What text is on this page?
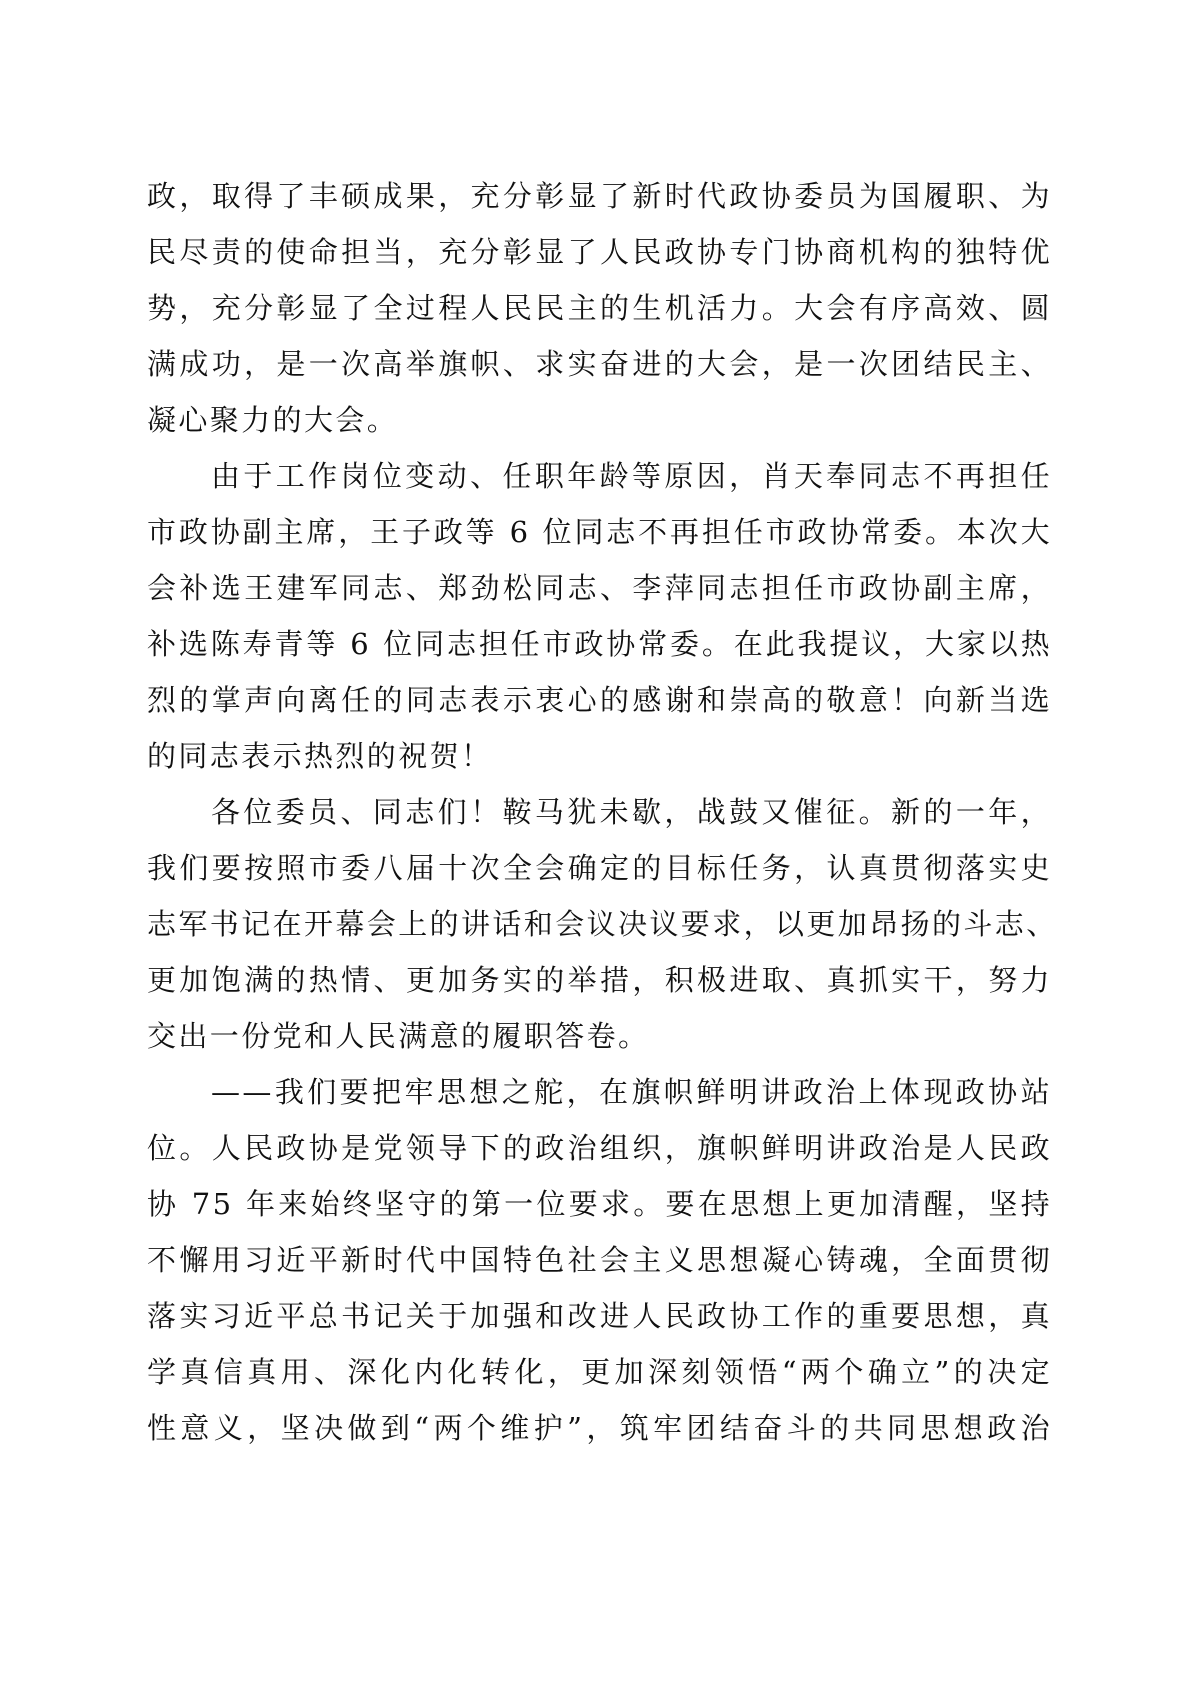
政，取得了丰硕成果，充分彰显了新时代政协委员为国履职、为
民尽责的使命担当，充分彰显了人民政协专门协商机构的独特优
势，充分彰显了全过程人民民主的生机活力。大会有序高效、圆
满成功，是一次高举旗帜、求实奋进的大会，是一次团结民主、
凝心聚力的大会。
由于工作岗位变动、任职年龄等原因，肖天奉同志不再担任
市政协副主席，王子政等 6 位同志不再担任市政协常委。本次大
会补选王建军同志、郑劲松同志、李萍同志担任市政协副主席，
补选陈寿青等 6 位同志担任市政协常委。在此我提议，大家以热
烈的掌声向离任的同志表示衷心的感谢和崇高的敬意！向新当选
的同志表示热烈的祝贺！
各位委员、同志们！鞍马犹未歇，战鼓又催征。新的一年，
我们要按照市委八届十次全会确定的目标任务，认真贯彻落实史
志军书记在开幕会上的讲话和会议决议要求，以更加昂扬的斗志、
更加饱满的热情、更加务实的举措，积极进取、真抓实干，努力
交出一份党和人民满意的履职答卷。
——我们要把牢思想之舵，在旗帜鲜明讲政治上体现政协站
位。人民政协是党领导下的政治组织，旗帜鲜明讲政治是人民政
协 75 年来始终坚守的第一位要求。要在思想上更加清醒，坚持
不懈用习近平新时代中国特色社会主义思想凝心铸魂，全面贯彻
落实习近平总书记关于加强和改进人民政协工作的重要思想，真
学真信真用、深化内化转化，更加深刻领悟“两个确立”的决定
性意义，坚决做到“两个维护”，筑牢团结奋斗的共同思想政治
